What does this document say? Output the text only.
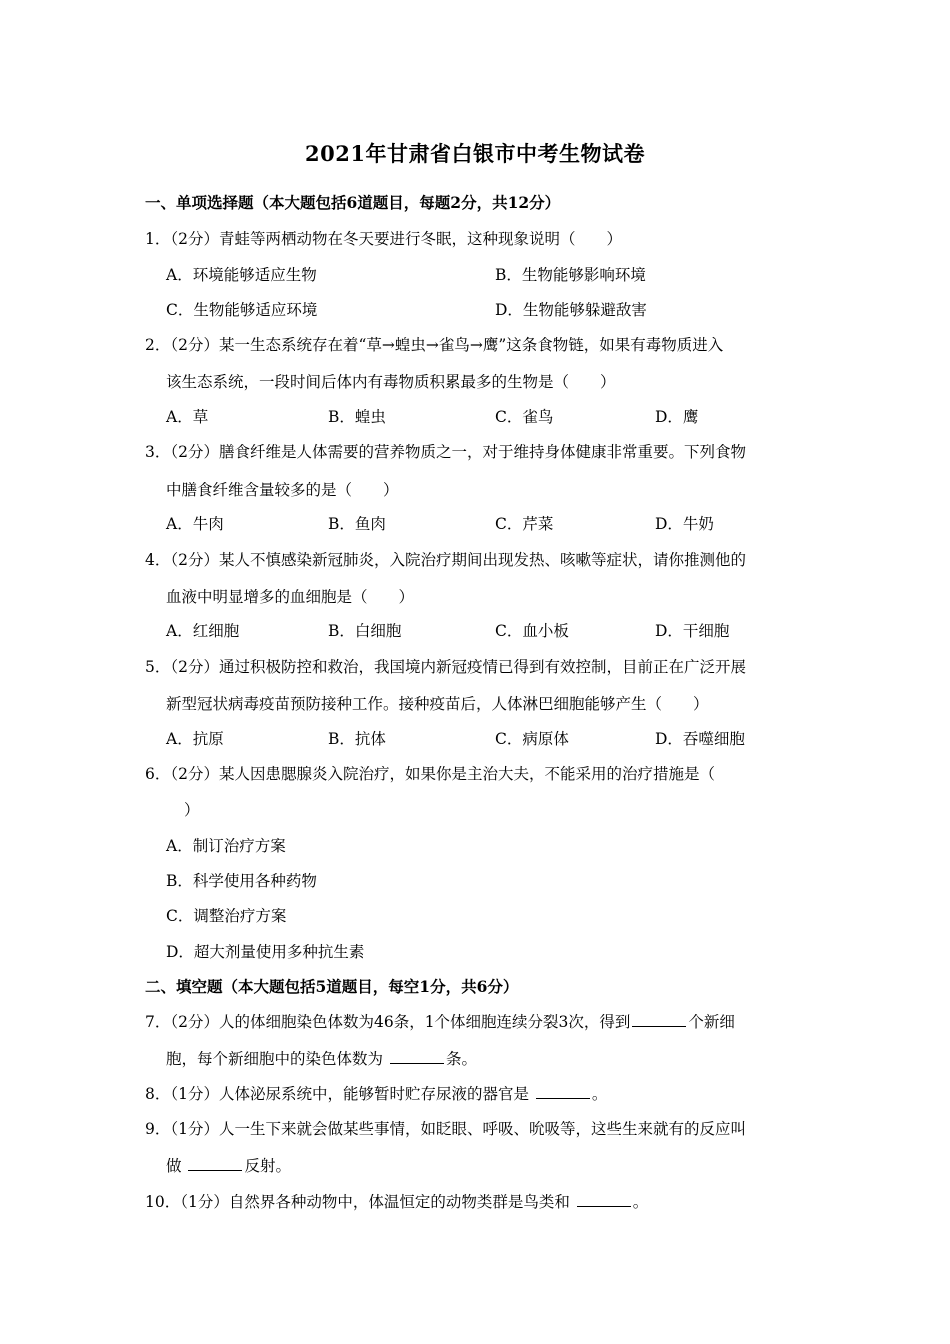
2021年甘肃省白银市中考生物试卷
一、单项选择题（本大题包括6道题目，每题2分，共12分）
1．（2分）青蛙等两栖动物在冬天要进行冬眠，这种现象说明（　　）
A．环境能够适应生物	B．生物能够影响环境
C．生物能够适应环境	D．生物能够躲避敌害
2．（2分）某一生态系统存在着“草→蝗虫→雀鸟→鹰”这条食物链，如果有毒物质进入
该生态系统，一段时间后体内有毒物质积累最多的生物是（　　）
A．草	B．蝗虫	C．雀鸟	D．鹰
3．（2分）膳食纤维是人体需要的营养物质之一，对于维持身体健康非常重要。下列食物
中膳食纤维含量较多的是（　　）
A．牛肉	B．鱼肉	C．芹菜	D．牛奶
4．（2分）某人不慎感染新冠肺炎，入院治疗期间出现发热、咳嗽等症状，请你推测他的
血液中明显增多的血细胞是（　　）
A．红细胞	B．白细胞	C．血小板	D．干细胞
5．（2分）通过积极防控和救治，我国境内新冠疫情已得到有效控制，目前正在广泛开展
新型冠状病毒疫苗预防接种工作。接种疫苗后，人体淋巴细胞能够产生（　　）
A．抗原	B．抗体	C．病原体	D．吞噬细胞
6．（2分）某人因患腮腺炎入院治疗，如果你是主治大夫，不能采用的治疗措施是（
）
A．制订治疗方案
B．科学使用各种药物
C．调整治疗方案
D．超大剂量使用多种抗生素
二、填空题（本大题包括5道题目，每空1分，共6分）
7．（2分）人的体细胞染色体数为46条，1个体细胞连续分裂3次，得到	个新细
胞，每个新细胞中的染色体数为	条。
8．（1分）人体泌尿系统中，能够暂时贮存尿液的器官是	。
9．（1分）人一生下来就会做某些事情，如眨眼、呼吸、吮吸等，这些生来就有的反应叫
做	反射。
10．（1分）自然界各种动物中，体温恒定的动物类群是鸟类和	。
